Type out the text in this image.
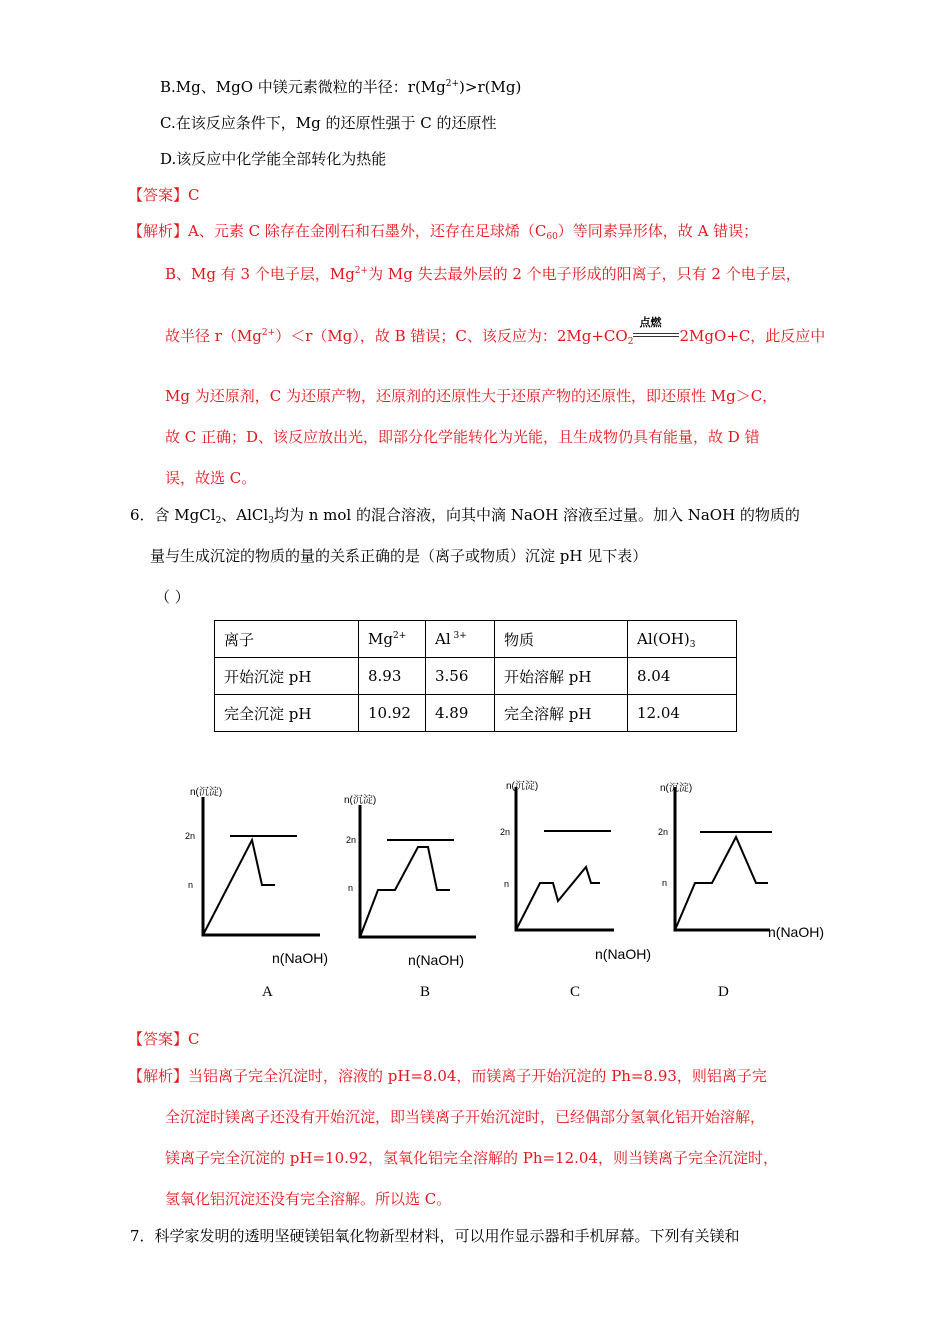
B.Mg、MgO 中镁元素微粒的半径：$r(Mg^{2+})>r(Mg)$
C.在该反应条件下，Mg 的还原性强于 C 的还原性
D.该反应中化学能全部转化为热能
【答案】C
【解析】A、元素 C 除存在金刚石和石墨外，还存在足球烯$(C_{60})$等同素异形体，故 A 错误；
B、Mg 有 3 个电子层，$Mg^{2+}$为 Mg 失去最外层的 2 个电子形成的阳离子，只有 2 个电子层，
故半径 $r(Mg^{2+})<r(Mg)$，故 B 错误；C、该反应为：$2Mg+CO_2$
点燃
2MgO+C，此反应中
Mg 为还原剂，C 为还原产物，还原剂的还原性大于还原产物的还原性，即还原性 Mg＞C，
故 C 正确；D、该反应放出光，即部分化学能转化为光能，且生成物仍具有能量，故 D 错
误，故选 C。
6．含 MgCl$_2$、AlCl$_3$均为 n mol 的混合溶液，向其中滴 NaOH 溶液至过量。加入 NaOH 的物质的
量与生成沉淀的物质的量的关系正确的是（离子或物质）沉淀 pH 见下表）
（ ）
离子	$Mg^{2+}$	Al $^{3+}$	物质	$Al(OH)_3$
开始沉淀 pH	8.93	3.56	开始溶解 pH	8.04
完全沉淀 pH	10.92	4.89	完全溶解 pH	12.04
n(沉淀)
2n
n
n(NaOH)
n(沉淀)
2n
n
n(NaOH)
n(沉淀)
2n
n
n(NaOH)
n(沉淀)
2n
n
n(NaOH)
A	B	C	D
【答案】C
【解析】当铝离子完全沉淀时，溶液的 pH=8.04，而镁离子开始沉淀的 Ph=8.93，则铝离子完
全沉淀时镁离子还没有开始沉淀，即当镁离子开始沉淀时，已经偶部分氢氧化铝开始溶解，
镁离子完全沉淀的 pH=10.92，氢氧化铝完全溶解的 Ph=12.04，则当镁离子完全沉淀时，
氢氧化铝沉淀还没有完全溶解。所以选 C。
7．科学家发明的透明坚硬镁铝氧化物新型材料，可以用作显示器和手机屏幕。下列有关镁和
